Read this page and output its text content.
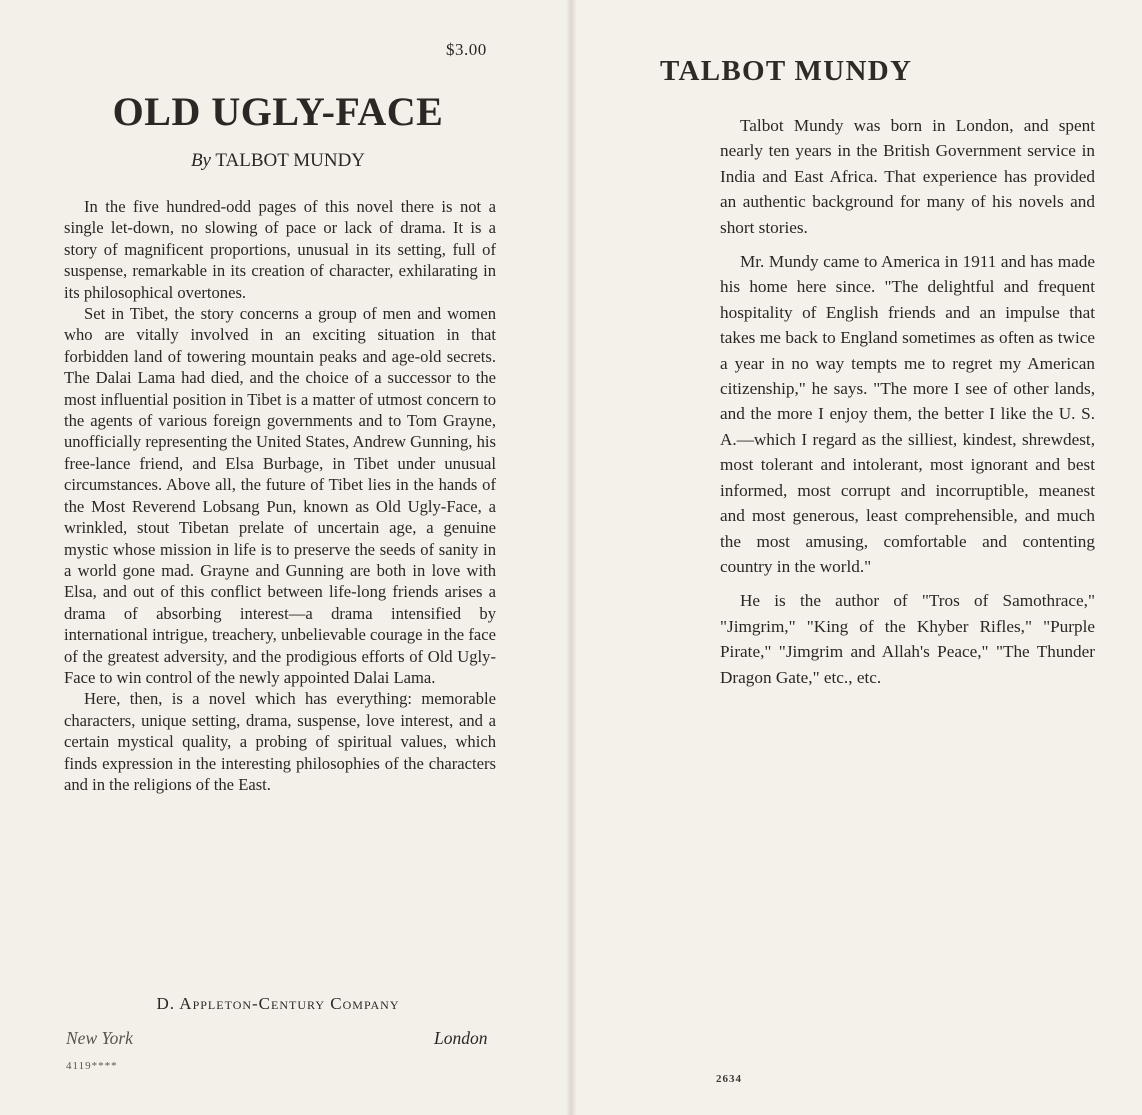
$3.00
OLD UGLY-FACE
By TALBOT MUNDY

In the five hundred-odd pages of this novel there is not a single let-down, no slowing of pace or lack of drama. It is a story of magnificent proportions, unusual in its setting, full of suspense, remarkable in its creation of character, exhilarating in its philosophical overtones.

Set in Tibet, the story concerns a group of men and women who are vitally involved in an exciting situation in that forbidden land of towering mountain peaks and age-old secrets. The Dalai Lama had died, and the choice of a successor to the most influential position in Tibet is a matter of utmost concern to the agents of various foreign governments and to Tom Grayne, unofficially representing the United States, Andrew Gunning, his free-lance friend, and Elsa Burbage, in Tibet under unusual circumstances. Above all, the future of Tibet lies in the hands of the Most Reverend Lobsang Pun, known as Old Ugly-Face, a wrinkled, stout Tibetan prelate of uncertain age, a genuine mystic whose mission in life is to preserve the seeds of sanity in a world gone mad. Grayne and Gunning are both in love with Elsa, and out of this conflict between life-long friends arises a drama of absorbing interest—a drama intensified by international intrigue, treachery, unbelievable courage in the face of the greatest adversity, and the prodigious efforts of Old Ugly-Face to win control of the newly appointed Dalai Lama.

Here, then, is a novel which has everything: memorable characters, unique setting, drama, suspense, love interest, and a certain mystical quality, a probing of spiritual values, which finds expression in the interesting philosophies of the characters and in the religions of the East.

D. Appleton-Century Company
New York	London
4119****
TALBOT MUNDY

Talbot Mundy was born in London, and spent nearly ten years in the British Government service in India and East Africa. That experience has provided an authentic background for many of his novels and short stories.

Mr. Mundy came to America in 1911 and has made his home here since. "The delightful and frequent hospitality of English friends and an impulse that takes me back to England sometimes as often as twice a year in no way tempts me to regret my American citizenship," he says. "The more I see of other lands, and the more I enjoy them, the better I like the U. S. A.—which I regard as the silliest, kindest, shrewdest, most tolerant and intolerant, most ignorant and best informed, most corrupt and incorruptible, meanest and most generous, least comprehensible, and much the most amusing, comfortable and contenting country in the world."

He is the author of "Tros of Samothrace," "Jimgrim," "King of the Khyber Rifles," "Purple Pirate," "Jimgrim and Allah's Peace," "The Thunder Dragon Gate," etc., etc.

2634
